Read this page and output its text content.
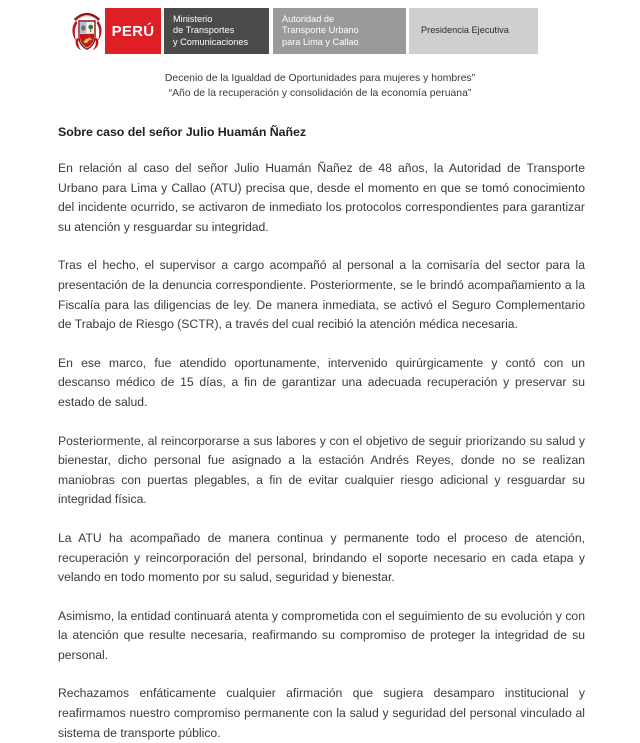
PERÚ
Ministerio
de Transportes
y Comunicaciones
Autoridad de
Transporte Urbano
para Lima y Callao
Presidencia Ejecutiva
Decenio de la Igualdad de Oportunidades para mujeres y hombres”
“Año de la recuperación y consolidación de la economía peruana”
Sobre caso del señor Julio Huamán Ñañez

En relación al caso del señor Julio Huamán Ñañez de 48 años, la Autoridad de Transporte Urbano para Lima y Callao (ATU) precisa que, desde el momento en que se tomó conocimiento del incidente ocurrido, se activaron de inmediato los protocolos correspondientes para garantizar su atención y resguardar su integridad.

Tras el hecho, el supervisor a cargo acompañó al personal a la comisaría del sector para la presentación de la denuncia correspondiente. Posteriormente, se le brindó acompañamiento a la Fiscalía para las diligencias de ley. De manera inmediata, se activó el Seguro Complementario de Trabajo de Riesgo (SCTR), a través del cual recibió la atención médica necesaria.

En ese marco, fue atendido oportunamente, intervenido quirúrgicamente y contó con un descanso médico de 15 días, a fin de garantizar una adecuada recuperación y preservar su estado de salud.

Posteriormente, al reincorporarse a sus labores y con el objetivo de seguir priorizando su salud y bienestar, dicho personal fue asignado a la estación Andrés Reyes, donde no se realizan maniobras con puertas plegables, a fin de evitar cualquier riesgo adicional y resguardar su integridad física.

La ATU ha acompañado de manera continua y permanente todo el proceso de atención, recuperación y reincorporación del personal, brindando el soporte necesario en cada etapa y velando en todo momento por su salud, seguridad y bienestar.

Asimismo, la entidad continuará atenta y comprometida con el seguimiento de su evolución y con la atención que resulte necesaria, reafirmando su compromiso de proteger la integridad de su personal.

Rechazamos enfáticamente cualquier afirmación que sugiera desamparo institucional y reafirmamos nuestro compromiso permanente con la salud y seguridad del personal vinculado al sistema de transporte público.
